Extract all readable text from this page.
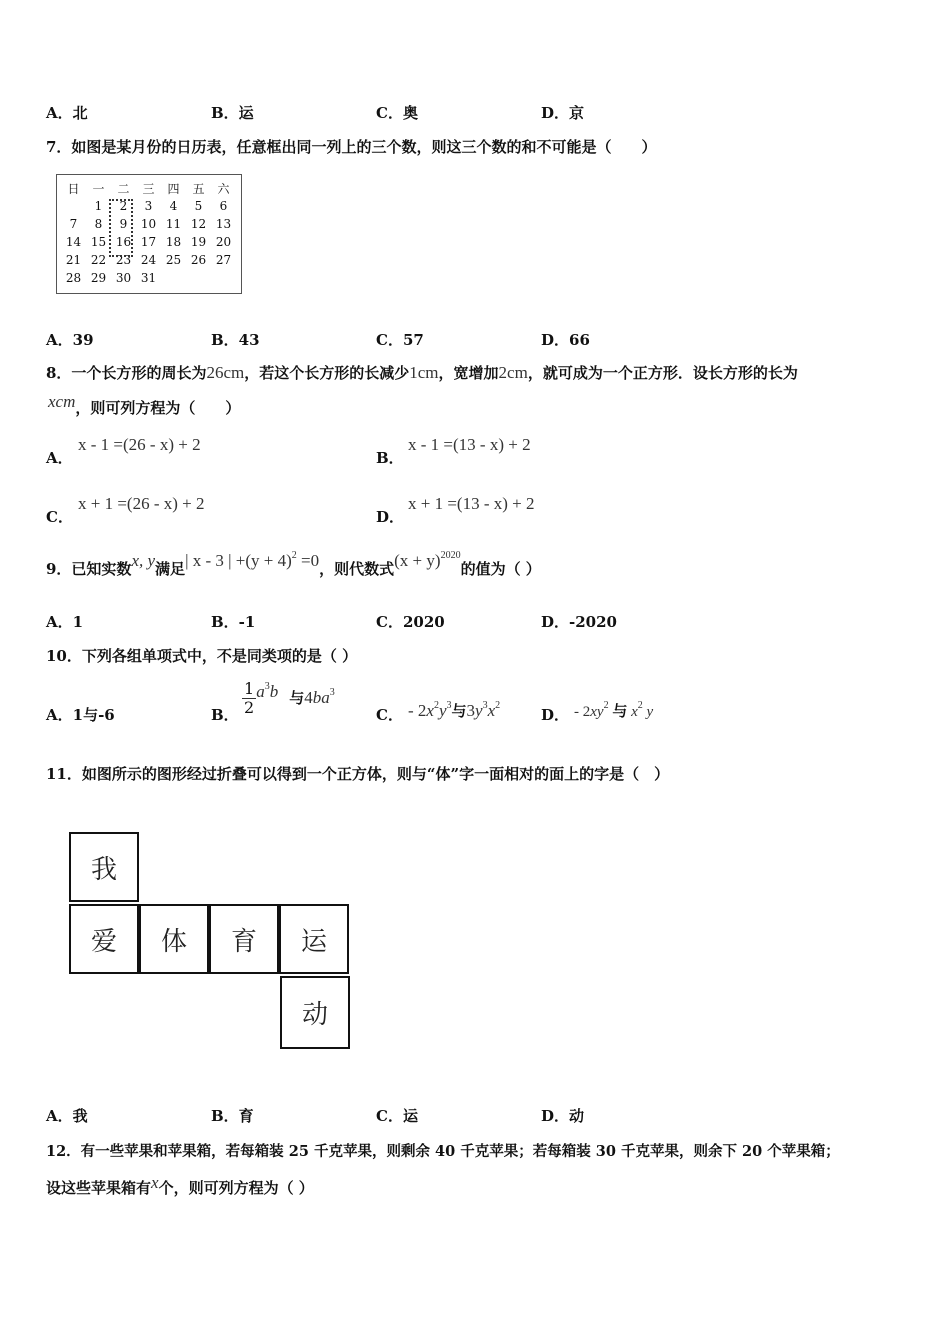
A．北	B．运	C．奥	D．京
7．如图是某月份的日历表，任意框出同一列上的三个数，则这三个数的和不可能是（　　）
日	一	二	三	四	五	六
	1	2	3	4	5	6
7	8	9	10	11	12	13
14	15	16	17	18	19	20
21	22	23	24	25	26	27
28	29	30	31			
A．39	B．43	C．57	D．66
8．一个长方形的周长为26cm，若这个长方形的长减少1cm，宽增加2cm，就可成为一个正方形．设长方形的长为
xcm，则可列方程为（　　）
A．
x - 1 =(26 - x) + 2
B．
x - 1 =(13 - x) + 2
C．
x + 1 =(26 - x) + 2
D．
x + 1 =(13 - x) + 2
9．已知实数x, y满足| x - 3 | $+(y + 4)^2 =0$，则代数式$(x + y)^{2020}$的值为（ ）
A．1	B．-1	C．2020	D．-2020
10．下列各组单项式中，不是同类项的是（ ）
A．1与-6	B． $\frac{1}{2} a^3b$ 与$4ba^3$
C． - $2x^2y^3$与$3y^3x^2$
D． - $2xy^2$ 与 $x^2$ y
11．如图所示的图形经过折叠可以得到一个正方体，则与“体”字一面相对的面上的字是（　）
我
爱	体	育	运
动
A．我	B．育	C．运	D．动
12．有一些苹果和苹果箱，若每箱装 25 千克苹果，则剩余 40 千克苹果；若每箱装 30 千克苹果，则余下 20 个苹果箱；
设这些苹果箱有x个，则可列方程为（ ）
